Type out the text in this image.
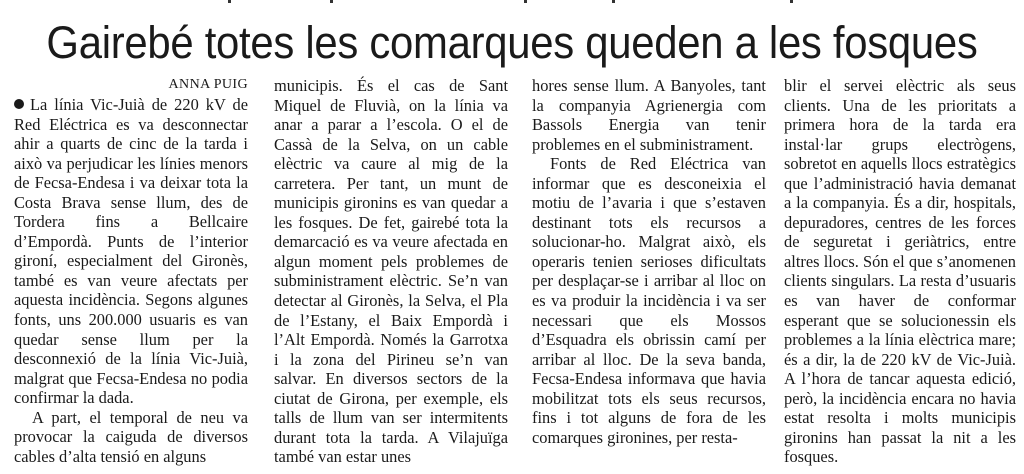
Gairebé totes les comarques queden a les fosques
ANNA PUIG

La línia Vic-Juià de 220 kV de Red Eléctrica es va desconnectar ahir a quarts de cinc de la tarda i això va perjudicar les línies menors de Fecsa-Endesa i va deixar tota la Costa Brava sense llum, des de Tordera fins a Bellcaire d’Empordà. Punts de l’interior gironí, especialment del Gironès, també es van veure afectats per aquesta incidència. Segons algunes fonts, uns 200.000 usuaris es van quedar sense llum per la desconnexió de la línia Vic-Juià, malgrat que Fecsa-Endesa no podia confirmar la dada.

A part, el temporal de neu va provocar la caiguda de diversos cables d’alta tensió en alguns

municipis. És el cas de Sant Miquel de Fluvià, on la línia va anar a parar a l’escola. O el de Cassà de la Selva, on un cable elèctric va caure al mig de la carretera. Per tant, un munt de municipis gironins es van quedar a les fosques. De fet, gairebé tota la demarcació es va veure afectada en algun moment pels problemes de subministrament elèctric. Se’n van detectar al Gironès, la Selva, el Pla de l’Estany, el Baix Empordà i l’Alt Empordà. Només la Garrotxa i la zona del Pirineu se’n van salvar. En diversos sectors de la ciutat de Girona, per exemple, els talls de llum van ser intermitents durant tota la tarda. A Vilajuïga també van estar unes

hores sense llum. A Banyoles, tant la companyia Agrienergia com Bassols Energia van tenir problemes en el subministrament.

Fonts de Red Eléctrica van informar que es desconeixia el motiu de l’avaria i que s’estaven destinant tots els recursos a solucionar-ho. Malgrat això, els operaris tenien serioses dificultats per desplaçar-se i arribar al lloc on es va produir la incidència i va ser necessari que els Mossos d’Esquadra els obrissin camí per arribar al lloc. De la seva banda, Fecsa-Endesa informava que havia mobilitzat tots els seus recursos, fins i tot alguns de fora de les comarques gironines, per resta-

blir el servei elèctric als seus clients. Una de les prioritats a primera hora de la tarda era instal·lar grups electrògens, sobretot en aquells llocs estratègics que l’administració havia demanat a la companyia. És a dir, hospitals, depuradores, centres de les forces de seguretat i geriàtrics, entre altres llocs. Són el que s’anomenen clients singulars. La resta d’usuaris es van haver de conformar esperant que se solucionessin els problemes a la línia elèctrica mare; és a dir, la de 220 kV de Vic-Juià. A l’hora de tancar aquesta edició, però, la incidència encara no havia estat resolta i molts municipis gironins han passat la nit a les fosques.
